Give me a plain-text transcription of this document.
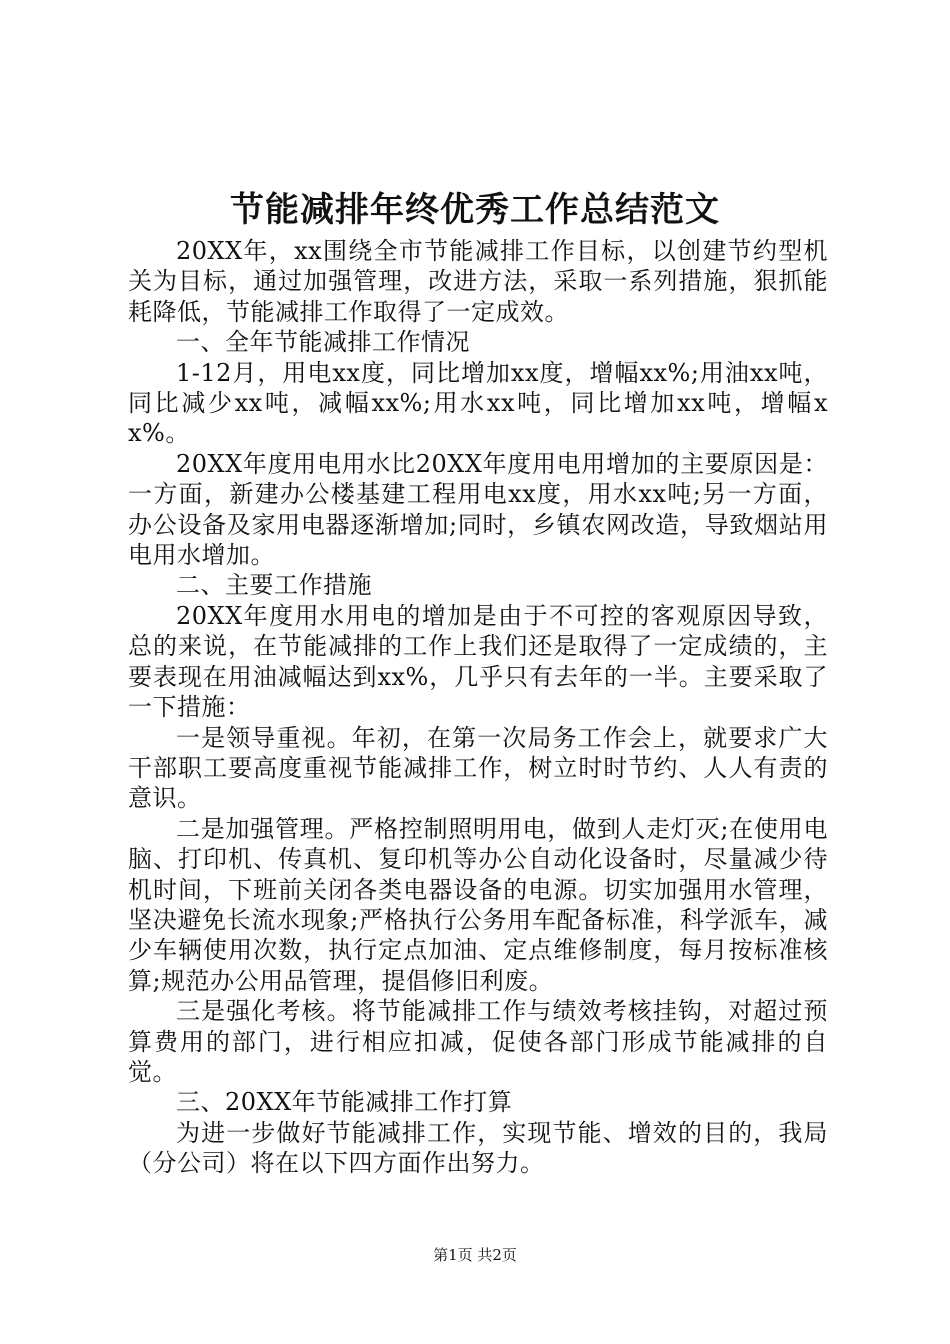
节能减排年终优秀工作总结范文

20XX年，xx围绕全市节能减排工作目标，以创建节约型机关为目标，通过加强管理，改进方法，采取一系列措施，狠抓能耗降低，节能减排工作取得了一定成效。

一、全年节能减排工作情况

1-12月，用电xx度，同比增加xx度，增幅xx%;用油xx吨，同比减少xx吨，减幅xx%;用水xx吨，同比增加xx吨，增幅xx%。

20XX年度用电用水比20XX年度用电用增加的主要原因是：一方面，新建办公楼基建工程用电xx度，用水xx吨;另一方面，办公设备及家用电器逐渐增加;同时，乡镇农网改造，导致烟站用电用水增加。

二、主要工作措施

20XX年度用水用电的增加是由于不可控的客观原因导致，总的来说，在节能减排的工作上我们还是取得了一定成绩的，主要表现在用油减幅达到xx%，几乎只有去年的一半。主要采取了一下措施：

一是领导重视。年初，在第一次局务工作会上，就要求广大干部职工要高度重视节能减排工作，树立时时节约、人人有责的意识。

二是加强管理。严格控制照明用电，做到人走灯灭;在使用电脑、打印机、传真机、复印机等办公自动化设备时，尽量减少待机时间，下班前关闭各类电器设备的电源。切实加强用水管理，坚决避免长流水现象;严格执行公务用车配备标准，科学派车，减少车辆使用次数，执行定点加油、定点维修制度，每月按标准核算;规范办公用品管理，提倡修旧利废。

三是强化考核。将节能减排工作与绩效考核挂钩，对超过预算费用的部门，进行相应扣减，促使各部门形成节能减排的自觉。

三、20XX年节能减排工作打算

为进一步做好节能减排工作，实现节能、增效的目的，我局（分公司）将在以下四方面作出努力。

第1页 共2页
